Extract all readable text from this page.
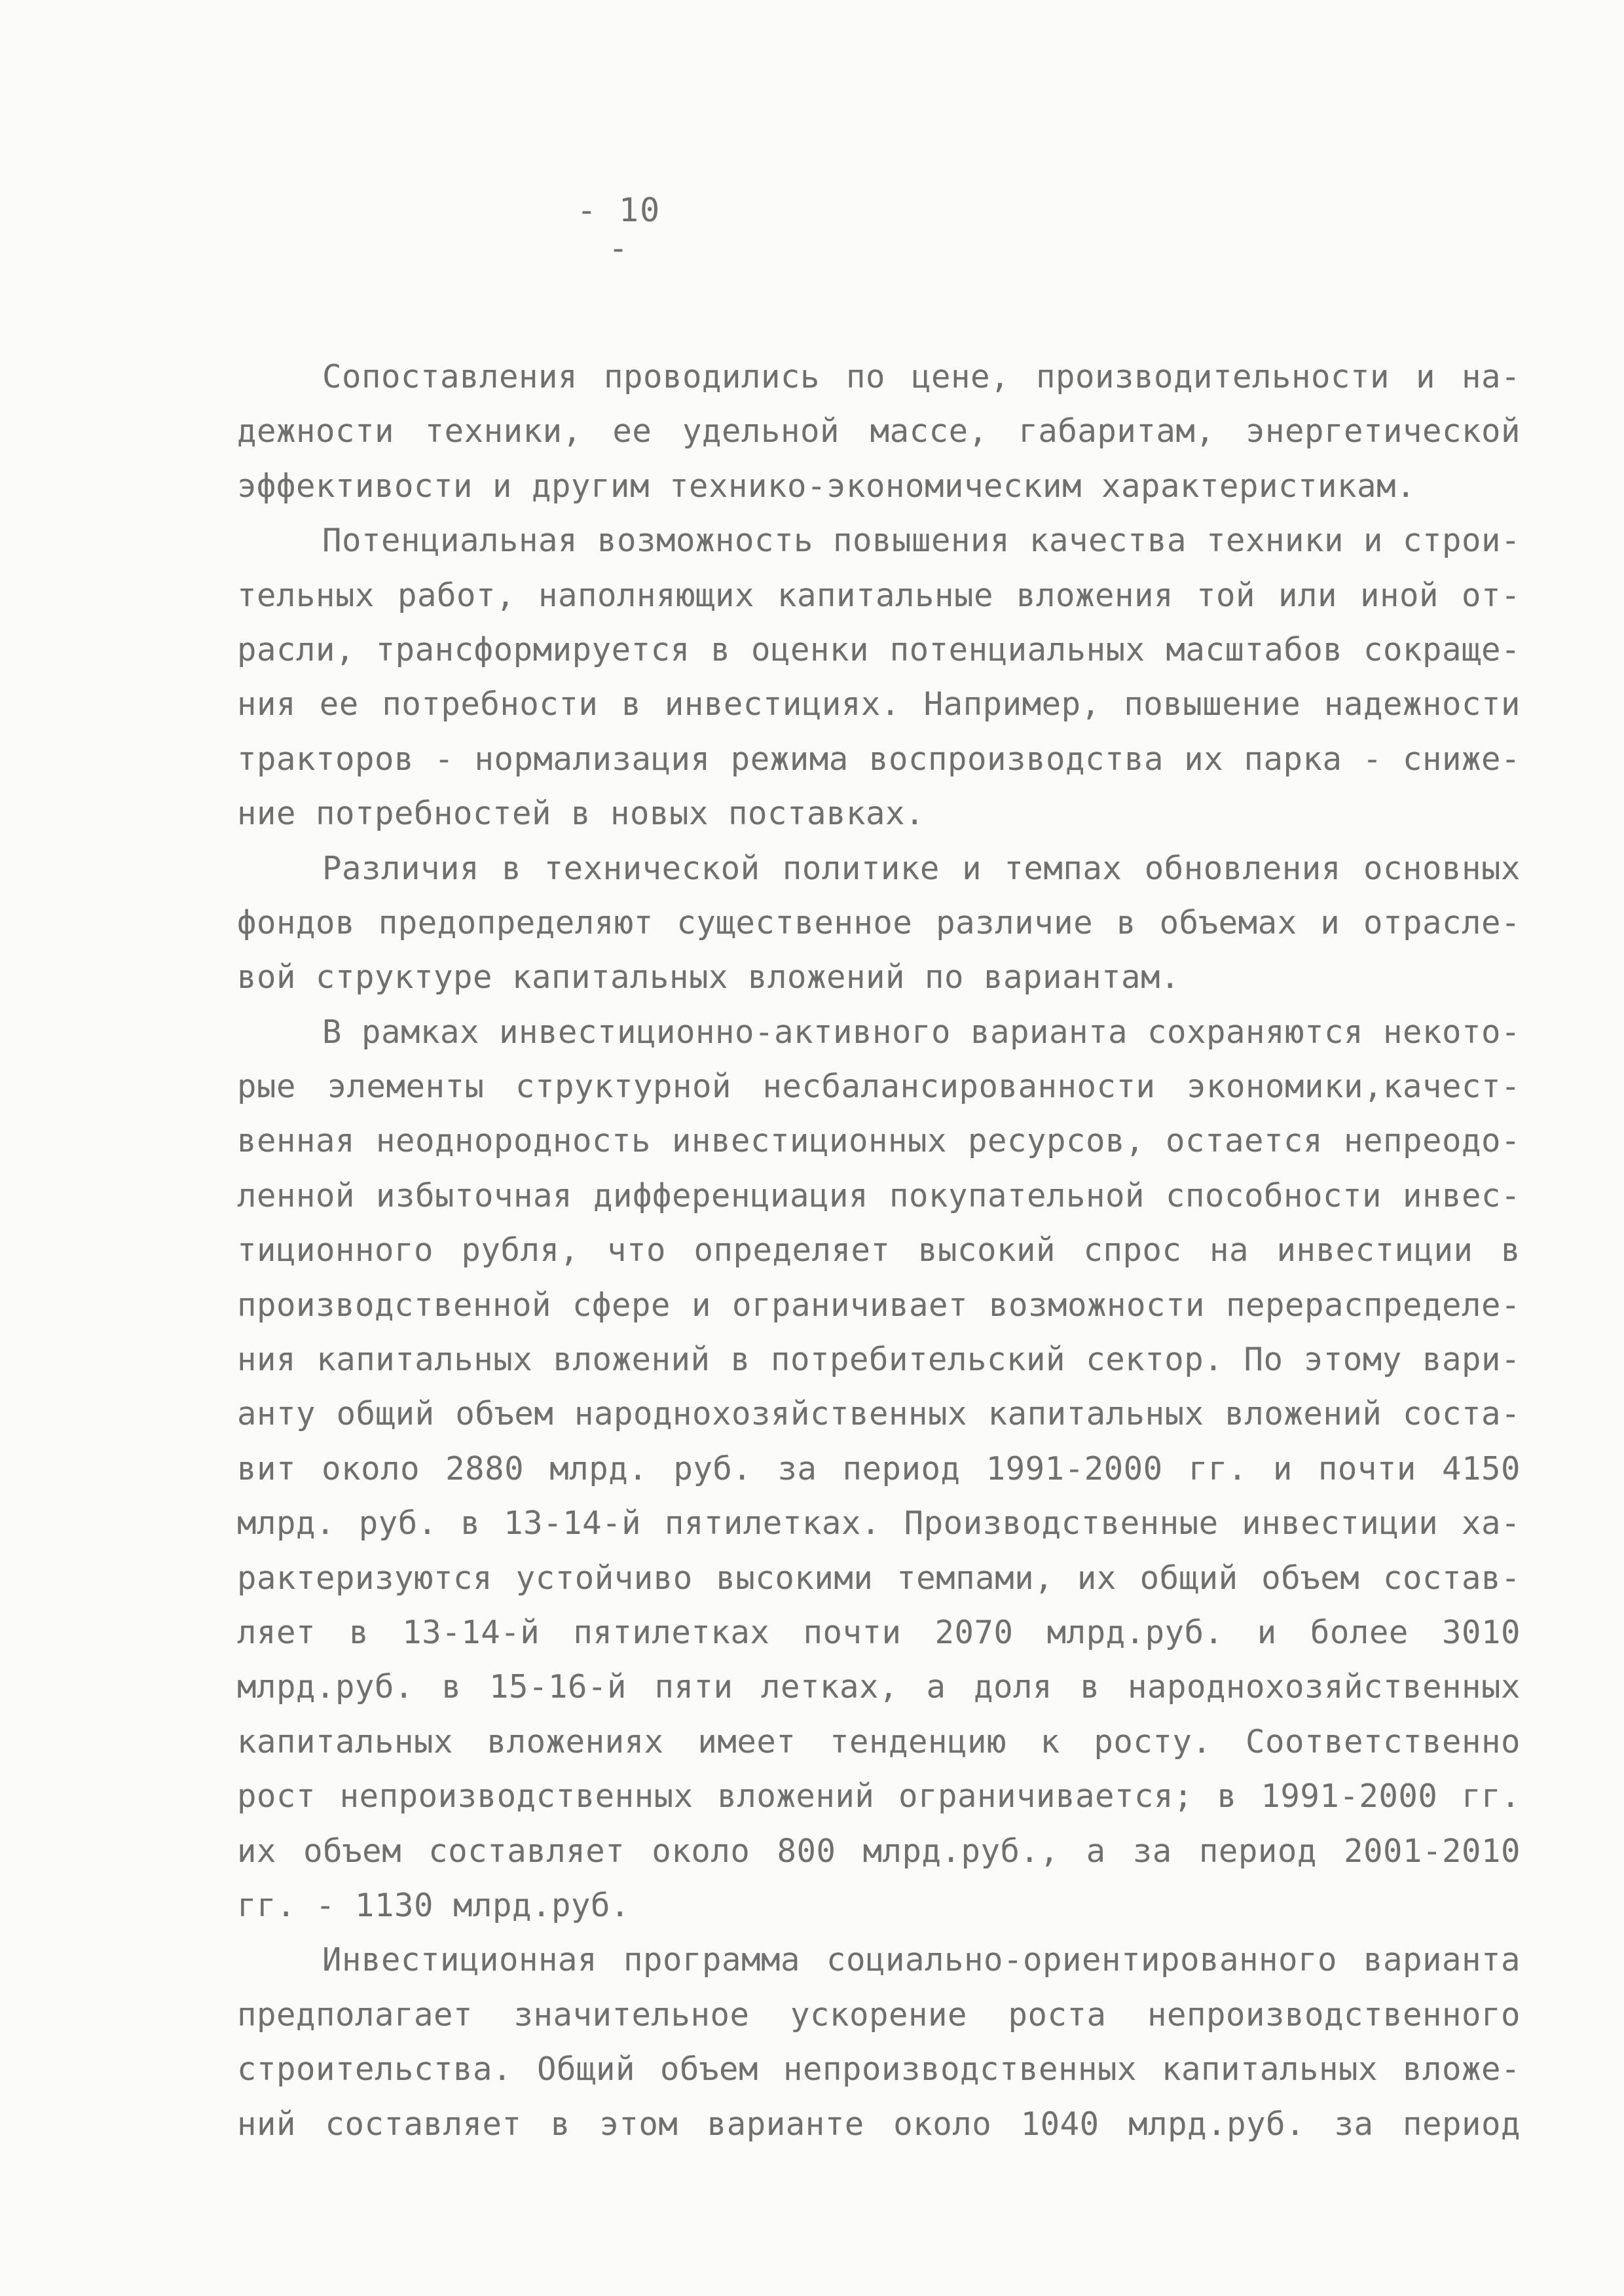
- 10 -
Сопоставления проводились по цене, производительности и на-
дежности техники, ее удельной массе, габаритам, энергетической
эффективости и другим технико-экономическим характеристикам.
Потенциальная возможность повышения качества техники и строи-
тельных работ, наполняющих капитальные вложения той или иной от-
расли, трансформируется в оценки потенциальных масштабов сокраще-
ния ее потребности в инвестициях. Например, повышение надежности
тракторов - нормализация режима воспроизводства их парка - сниже-
ние потребностей в новых поставках.
Различия в технической политике и темпах обновления основных
фондов предопределяют существенное различие в объемах и отрасле-
вой структуре капитальных вложений по вариантам.
В рамках инвестиционно-активного варианта сохраняются некото-
рые элементы структурной несбалансированности экономики,качест-
венная неоднородность инвестиционных ресурсов, остается непреодо-
ленной избыточная дифференциация покупательной способности инвес-
тиционного рубля, что определяет высокий спрос на инвестиции в
производственной сфере и ограничивает возможности перераспределе-
ния капитальных вложений в потребительский сектор. По этому вари-
анту общий объем народнохозяйственных капитальных вложений соста-
вит около 2880 млрд. руб. за период 1991-2000 гг. и почти 4150
млрд. руб. в 13-14-й пятилетках. Производственные инвестиции ха-
рактеризуются устойчиво высокими темпами, их общий объем состав-
ляет в 13-14-й пятилетках почти 2070 млрд.руб. и более 3010
млрд.руб. в 15-16-й пяти летках, а доля в народнохозяйственных
капитальных вложениях имеет тенденцию к росту. Соответственно
рост непроизводственных вложений ограничивается; в 1991-2000 гг.
их объем составляет около 800 млрд.руб., а за период 2001-2010
гг. - 1130 млрд.руб.
Инвестиционная программа социально-ориентированного варианта
предполагает значительное ускорение роста непроизводственного
строительства. Общий объем непроизводственных капитальных вложе-
ний составляет в этом варианте около 1040 млрд.руб. за период
